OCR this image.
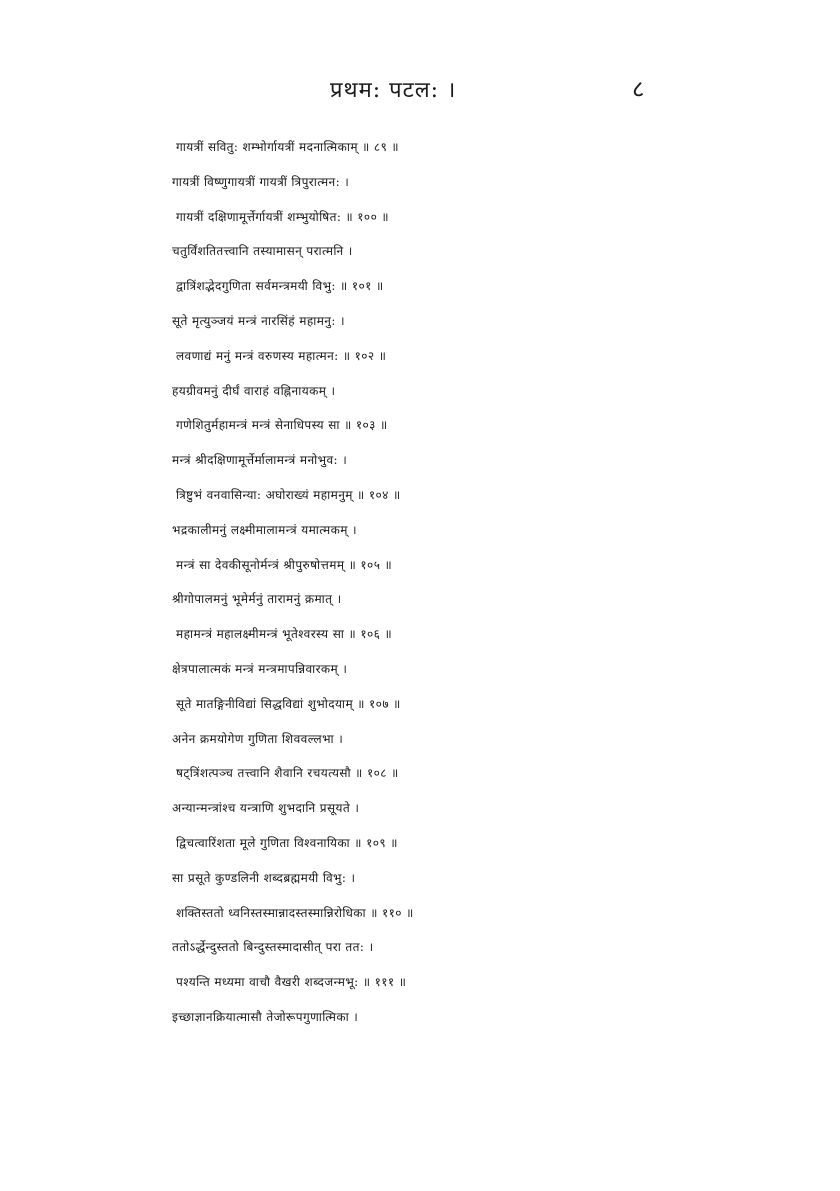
प्रथम: पटल: ।	८
गायत्रीं सवितु: शम्भोर्गायत्रीं मदनात्मिकाम् ॥ ८९ ॥
गायत्रीं विष्णुगायत्रीं गायत्रीं त्रिपुरात्मन: ।
गायत्रीं दक्षिणामूर्त्तेर्गायत्रीं शम्भुयोषित: ॥ १०० ॥
चतुर्विंशतितत्त्वानि तस्यामासन् परात्मनि ।
द्वात्रिंशद्भेदगुणिता सर्वमन्त्रमयी विभु: ॥ १०१ ॥
सूते मृत्युञ्जयं मन्त्रं नारसिंहं महामनु: ।
लवणाद्यं मनुं मन्त्रं वरुणस्य महात्मन: ॥ १०२ ॥
हयग्रीवमनुं दीर्घं वाराहं वह्निनायकम् ।
गणेशितुर्महामन्त्रं मन्त्रं सेनाधिपस्य सा ॥ १०३ ॥
मन्त्रं श्रीदक्षिणामूर्त्तेर्मालामन्त्रं मनोभुव: ।
त्रिष्टुभं वनवासिन्या: अघोराख्यं महामनुम् ॥ १०४ ॥
भद्रकालीमनुं लक्ष्मीमालामन्त्रं यमात्मकम् ।
मन्त्रं सा देवकीसूनोर्मन्त्रं श्रीपुरुषोत्तमम् ॥ १०५ ॥
श्रीगोपालमनुं भूमेर्मनुं तारामनुं क्रमात् ।
महामन्त्रं महालक्ष्मीमन्त्रं भूतेश्वरस्य सा ॥ १०६ ॥
क्षेत्रपालात्मकं मन्त्रं मन्त्रमापन्निवारकम् ।
सूते मातङ्गिनीविद्यां सिद्धविद्यां शुभोदयाम् ॥ १०७ ॥
अनेन क्रमयोगेण गुणिता शिववल्लभा ।
षट्त्रिंशत्पञ्च तत्त्वानि शैवानि रचयत्यसौ ॥ १०८ ॥
अन्यान्मन्त्रांश्च यन्त्राणि शुभदानि प्रसूयते ।
द्विचत्वारिंशता मूले गुणिता विश्वनायिका ॥ १०९ ॥
सा प्रसूते कुण्डलिनी शब्दब्रह्ममयी विभु: ।
शक्तिस्ततो ध्वनिस्तस्मान्नादस्तस्मान्निरोधिका ॥ ११० ॥
ततोऽर्द्धेन्दुस्ततो बिन्दुस्तस्मादासीत् परा तत: ।
पश्यन्ति मध्यमा वाचौ वैखरी शब्दजन्मभू: ॥ १११ ॥
इच्छाज्ञानक्रियात्मासौ तेजोरूपगुणात्मिका ।
